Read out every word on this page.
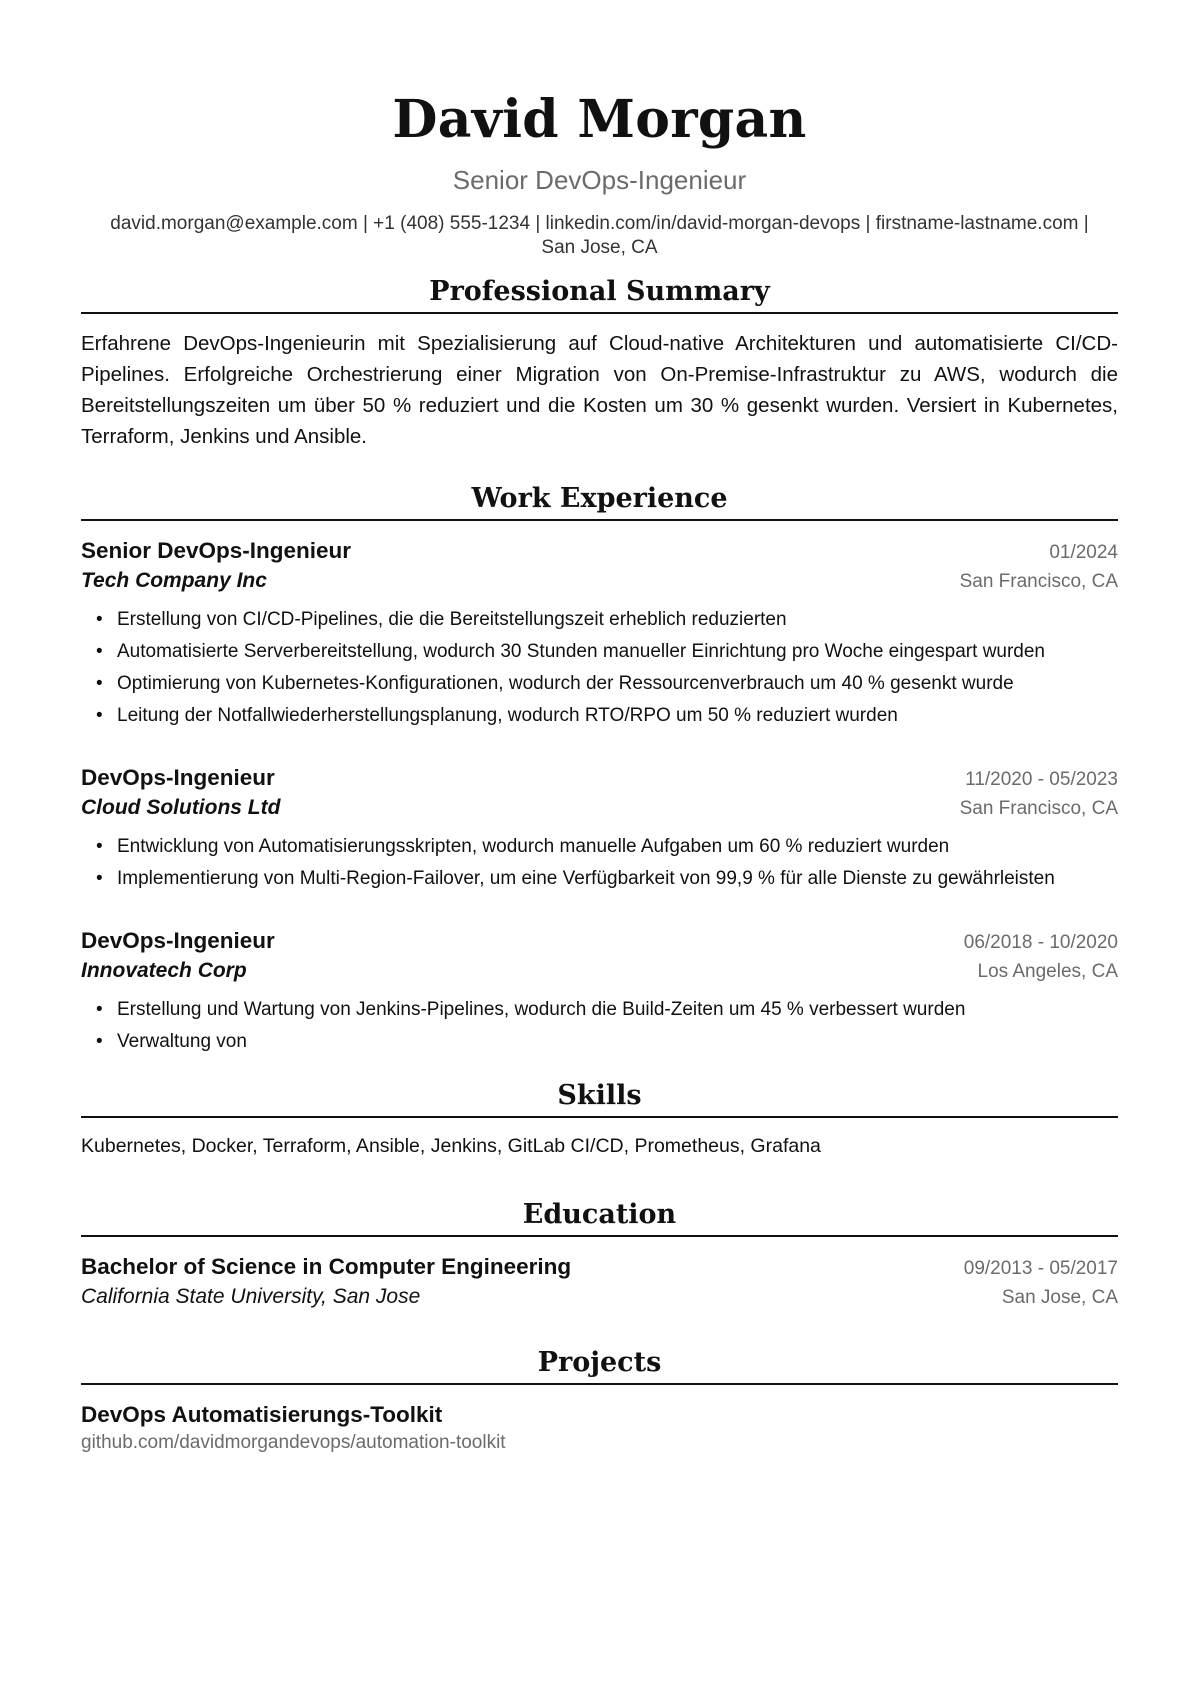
David Morgan
Senior DevOps-Ingenieur
david.morgan@example.com | +1 (408) 555-1234 | linkedin.com/in/david-morgan-devops | firstname-lastname.com |
San Jose, CA
Professional Summary
Erfahrene DevOps-Ingenieurin mit Spezialisierung auf Cloud-native Architekturen und automatisierte CI/CD-Pipelines. Erfolgreiche Orchestrierung einer Migration von On-Premise-Infrastruktur zu AWS, wodurch die Bereitstellungszeiten um über 50 % reduziert und die Kosten um 30 % gesenkt wurden. Versiert in Kubernetes, Terraform, Jenkins und Ansible.
Work Experience
Senior DevOps-Ingenieur	01/2024
Tech Company Inc	San Francisco, CA
• Erstellung von CI/CD-Pipelines, die die Bereitstellungszeit erheblich reduzierten
• Automatisierte Serverbereitstellung, wodurch 30 Stunden manueller Einrichtung pro Woche eingespart wurden
• Optimierung von Kubernetes-Konfigurationen, wodurch der Ressourcenverbrauch um 40 % gesenkt wurde
• Leitung der Notfallwiederherstellungsplanung, wodurch RTO/RPO um 50 % reduziert wurden
DevOps-Ingenieur	11/2020 - 05/2023
Cloud Solutions Ltd	San Francisco, CA
• Entwicklung von Automatisierungsskripten, wodurch manuelle Aufgaben um 60 % reduziert wurden
• Implementierung von Multi-Region-Failover, um eine Verfügbarkeit von 99,9 % für alle Dienste zu gewährleisten
DevOps-Ingenieur	06/2018 - 10/2020
Innovatech Corp	Los Angeles, CA
• Erstellung und Wartung von Jenkins-Pipelines, wodurch die Build-Zeiten um 45 % verbessert wurden
• Verwaltung von
Skills
Kubernetes, Docker, Terraform, Ansible, Jenkins, GitLab CI/CD, Prometheus, Grafana
Education
Bachelor of Science in Computer Engineering	09/2013 - 05/2017
California State University, San Jose	San Jose, CA
Projects
DevOps Automatisierungs-Toolkit
github.com/davidmorgandevops/automation-toolkit
